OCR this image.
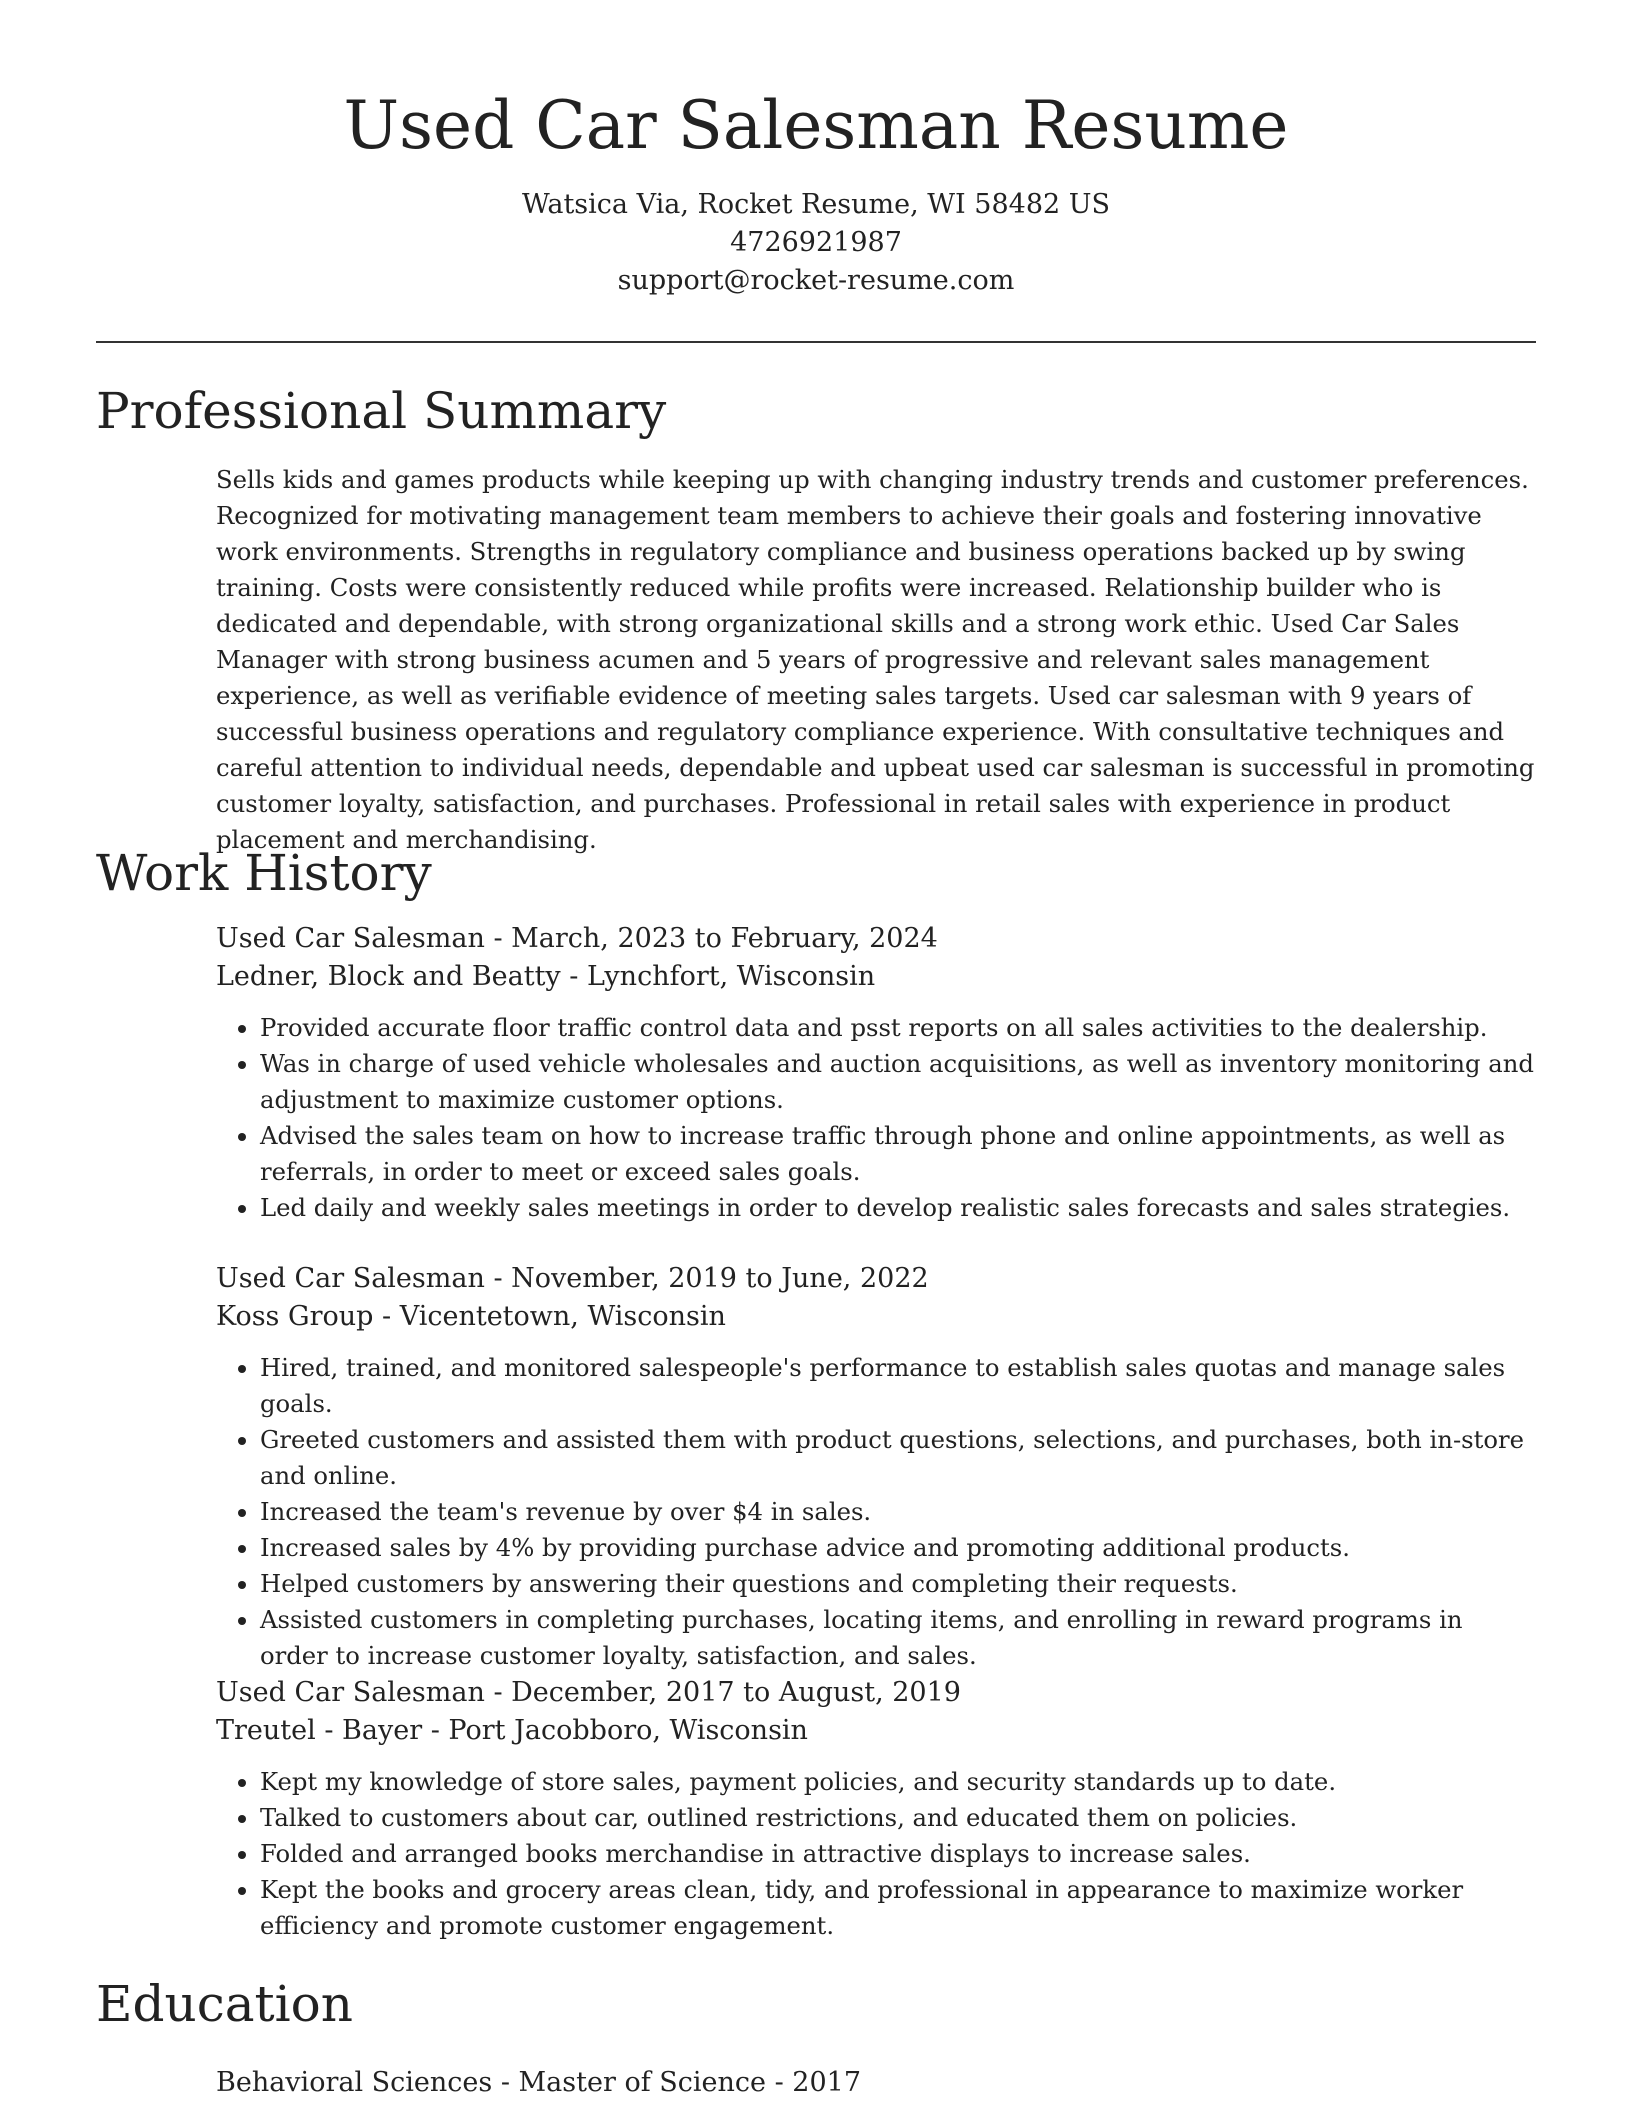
Used Car Salesman Resume
Watsica Via, Rocket Resume, WI 58482 US
4726921987
support@rocket-resume.com
Professional Summary

Sells kids and games products while keeping up with changing industry trends and customer preferences. Recognized for motivating management team members to achieve their goals and fostering innovative work environments. Strengths in regulatory compliance and business operations backed up by swing training. Costs were consistently reduced while profits were increased. Relationship builder who is dedicated and dependable, with strong organizational skills and a strong work ethic. Used Car Sales Manager with strong business acumen and 5 years of progressive and relevant sales management experience, as well as verifiable evidence of meeting sales targets. Used car salesman with 9 years of successful business operations and regulatory compliance experience. With consultative techniques and careful attention to individual needs, dependable and upbeat used car salesman is successful in promoting customer loyalty, satisfaction, and purchases. Professional in retail sales with experience in product placement and merchandising.

Work History

Used Car Salesman - March, 2023 to February, 2024

Ledner, Block and Beatty - Lynchfort, Wisconsin

• Provided accurate floor traffic control data and psst reports on all sales activities to the dealership.
• Was in charge of used vehicle wholesales and auction acquisitions, as well as inventory monitoring and adjustment to maximize customer options.
• Advised the sales team on how to increase traffic through phone and online appointments, as well as referrals, in order to meet or exceed sales goals.
• Led daily and weekly sales meetings in order to develop realistic sales forecasts and sales strategies.

Used Car Salesman - November, 2019 to June, 2022

Koss Group - Vicentetown, Wisconsin

• Hired, trained, and monitored salespeople's performance to establish sales quotas and manage sales goals.
• Greeted customers and assisted them with product questions, selections, and purchases, both in-store and online.
• Increased the team's revenue by over $4 in sales.
• Increased sales by 4% by providing purchase advice and promoting additional products.
• Helped customers by answering their questions and completing their requests.
• Assisted customers in completing purchases, locating items, and enrolling in reward programs in order to increase customer loyalty, satisfaction, and sales.

Used Car Salesman - December, 2017 to August, 2019

Treutel - Bayer - Port Jacobboro, Wisconsin

• Kept my knowledge of store sales, payment policies, and security standards up to date.
• Talked to customers about car, outlined restrictions, and educated them on policies.
• Folded and arranged books merchandise in attractive displays to increase sales.
• Kept the books and grocery areas clean, tidy, and professional in appearance to maximize worker efficiency and promote customer engagement.
Education

Behavioral Sciences - Master of Science - 2017
